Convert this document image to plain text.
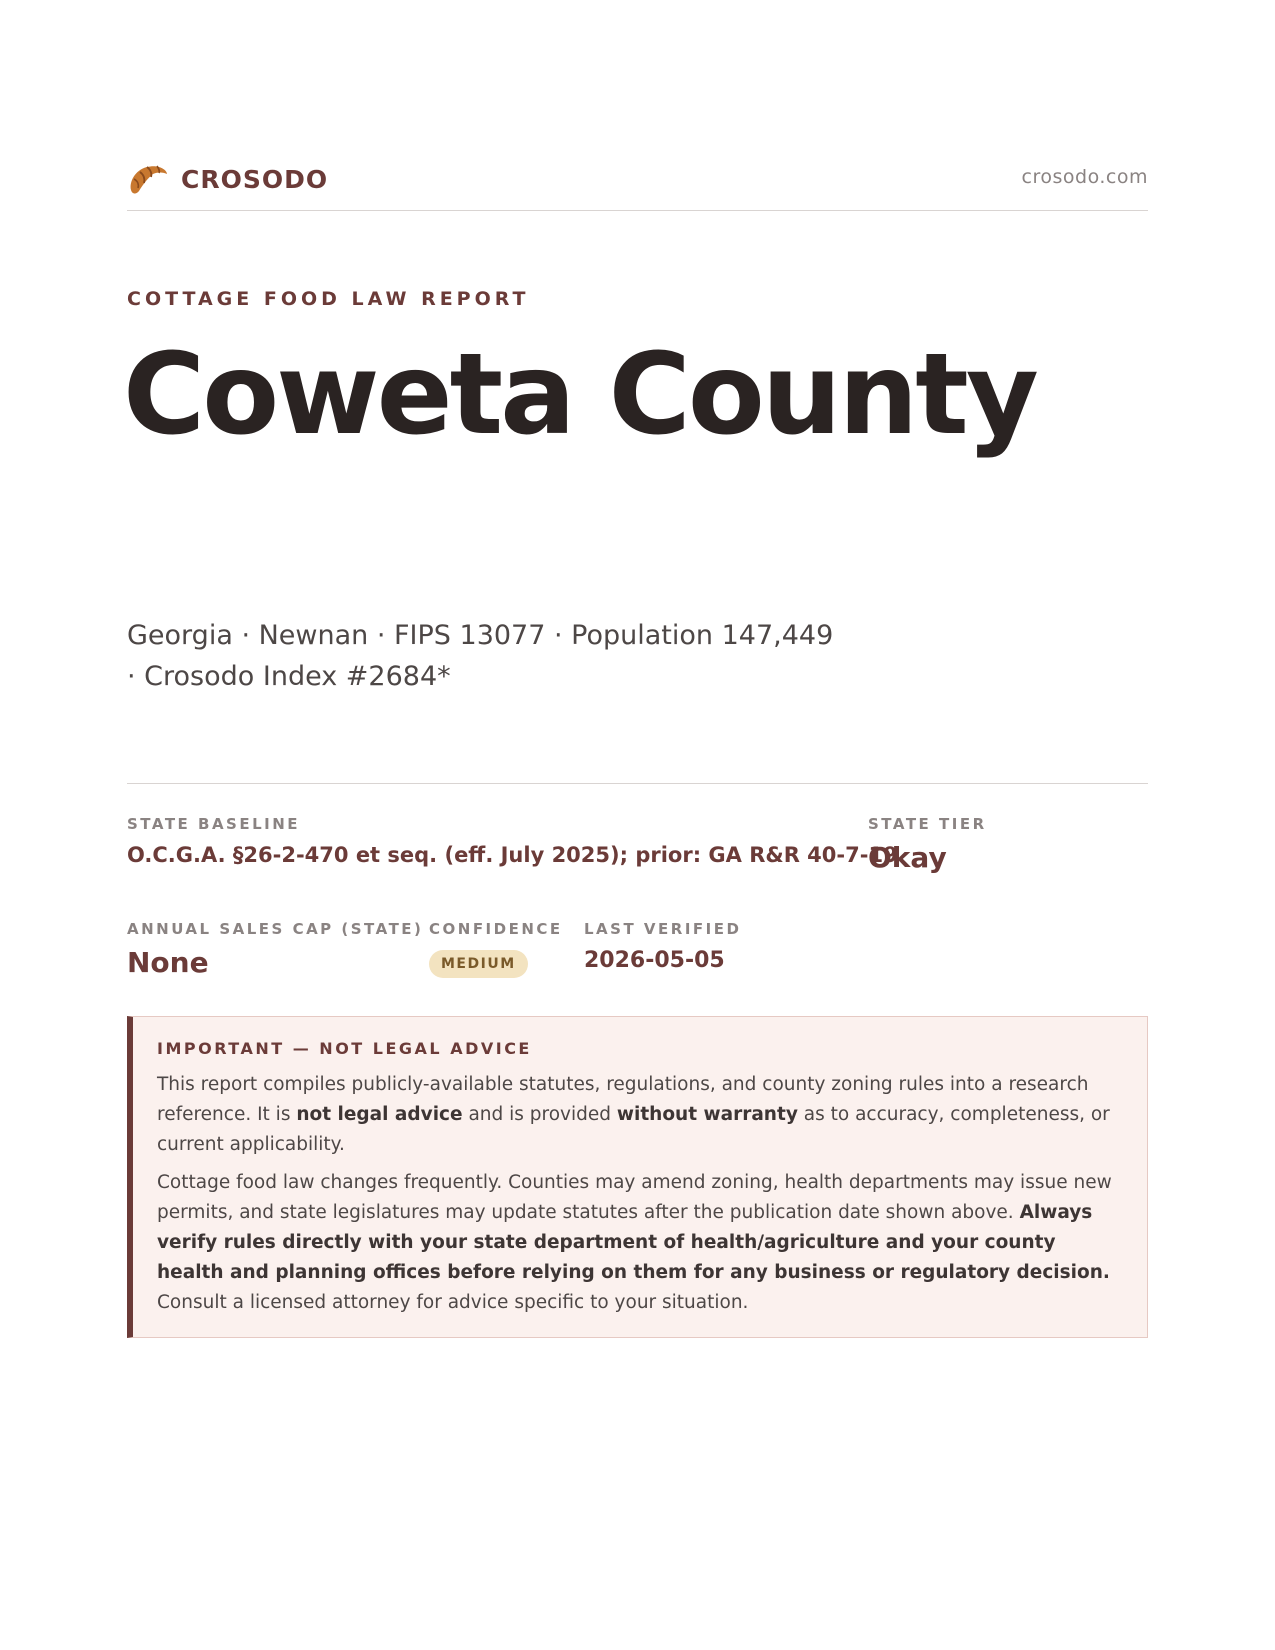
CROSODO	crosodo.com
COTTAGE FOOD LAW REPORT
Coweta County
Georgia · Newnan · FIPS 13077 · Population 147,449 · Crosodo Index #2684*
STATE BASELINE
O.C.G.A. §26-2-470 et seq. (eff. July 2025); prior: GA R&R 40-7-19
STATE TIER
Okay
ANNUAL SALES CAP (STATE)
None
CONFIDENCE
MEDIUM
LAST VERIFIED
2026-05-05
IMPORTANT — NOT LEGAL ADVICE

This report compiles publicly-available statutes, regulations, and county zoning rules into a research reference. It is not legal advice and is provided without warranty as to accuracy, completeness, or current applicability.

Cottage food law changes frequently. Counties may amend zoning, health departments may issue new permits, and state legislatures may update statutes after the publication date shown above. Always verify rules directly with your state department of health/agriculture and your county health and planning offices before relying on them for any business or regulatory decision. Consult a licensed attorney for advice specific to your situation.
